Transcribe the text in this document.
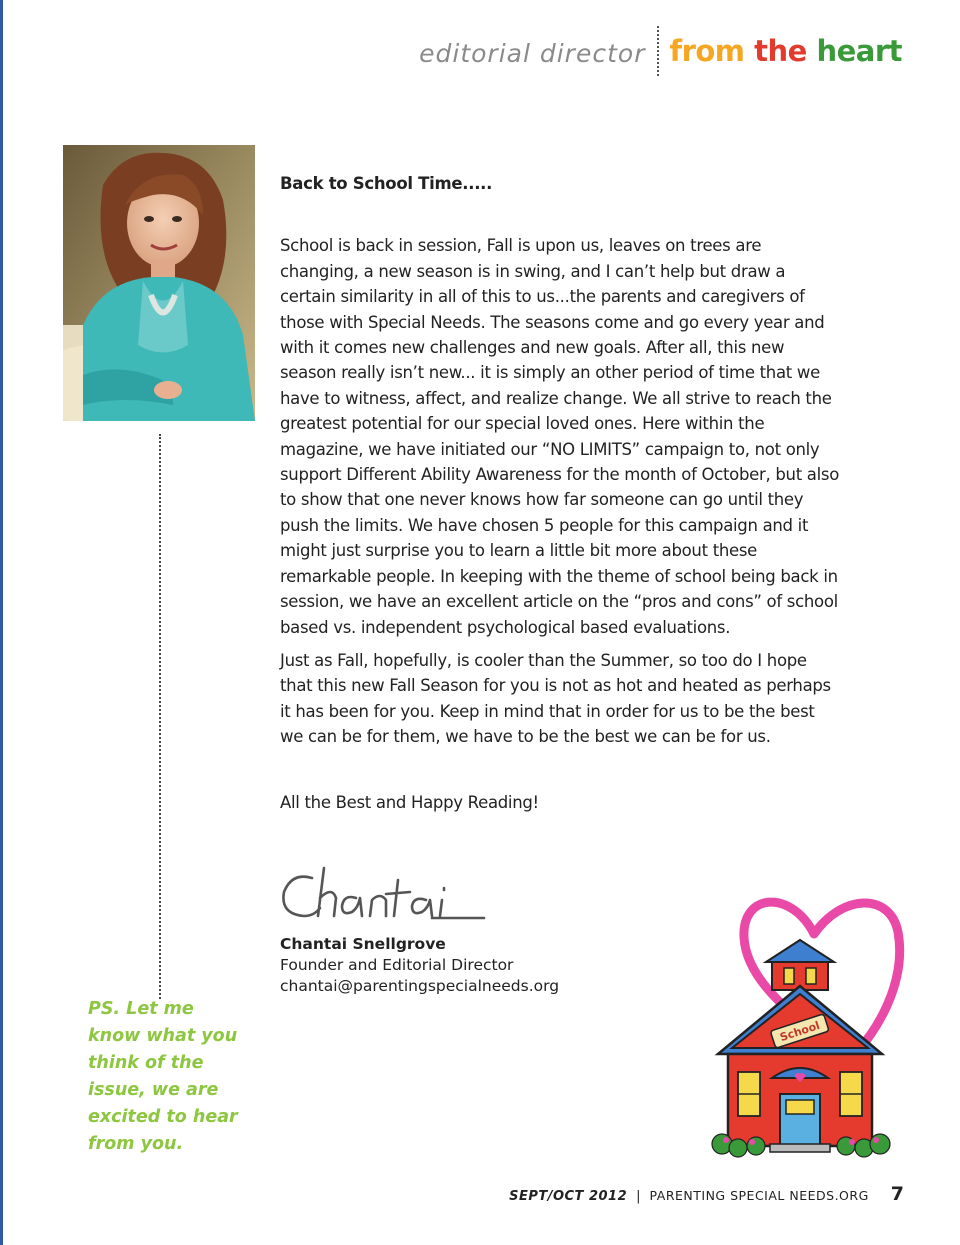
editorial director from the heart
PS. Let me
know what you
think of the
issue, we are
excited to hear
from you.
Back to School Time.....

School is back in session, Fall is upon us, leaves on trees are changing, a new season is in swing, and I can’t help but draw a certain similarity in all of this to us...the parents and caregivers of those with Special Needs. The seasons come and go every year and with it comes new challenges and new goals. After all, this new season really isn’t new... it is simply an other period of time that we have to witness, affect, and realize change. We all strive to reach the greatest potential for our special loved ones. Here within the magazine, we have initiated our “NO LIMITS” campaign to, not only support Different Ability Awareness for the month of October, but also to show that one never knows how far someone can go until they push the limits. We have chosen 5 people for this campaign and it might just surprise you to learn a little bit more about these remarkable people. In keeping with the theme of school being back in session, we have an excellent article on the “pros and cons” of school based vs. independent psychological based evaluations.

Just as Fall, hopefully, is cooler than the Summer, so too do I hope that this new Fall Season for you is not as hot and heated as perhaps it has been for you. Keep in mind that in order for us to be the best we can be for them, we have to be the best we can be for us.

All the Best and Happy Reading!

Chantai
Chantai Snellgrove
Founder and Editorial Director
chantai@parentingspecialneeds.org
School
SEPT/OCT 2012 | PARENTING SPECIAL NEEDS.ORG 7
